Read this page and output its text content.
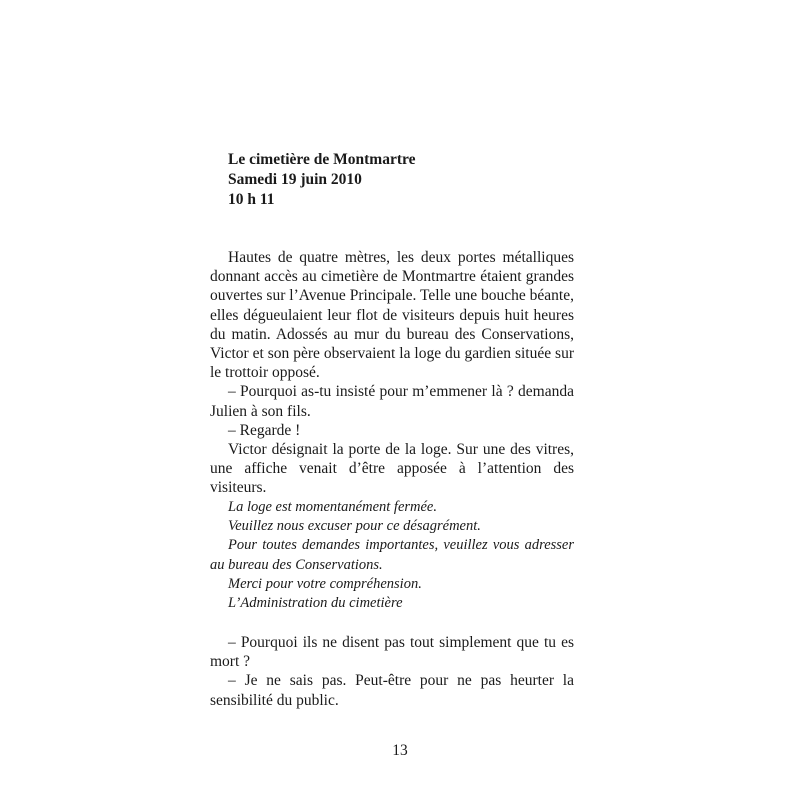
Le cimetière de Montmartre
Samedi 19 juin 2010
10 h 11

Hautes de quatre mètres, les deux portes métalliques donnant accès au cimetière de Montmartre étaient grandes ouvertes sur l’Avenue Principale. Telle une bouche béante, elles dégueulaient leur flot de visiteurs depuis huit heures du matin. Adossés au mur du bureau des Conservations, Victor et son père observaient la loge du gardien située sur le trottoir opposé.

– Pourquoi as-tu insisté pour m’emmener là ? demanda Julien à son fils.

– Regarde !

Victor désignait la porte de la loge. Sur une des vitres, une affiche venait d’être apposée à l’attention des visiteurs.

La loge est momentanément fermée.

Veuillez nous excuser pour ce désagrément.

Pour toutes demandes importantes, veuillez vous adresser au bureau des Conservations.

Merci pour votre compréhension.

L’Administration du cimetière

– Pourquoi ils ne disent pas tout simplement que tu es mort ?

– Je ne sais pas. Peut-être pour ne pas heurter la sensibilité du public.

13
